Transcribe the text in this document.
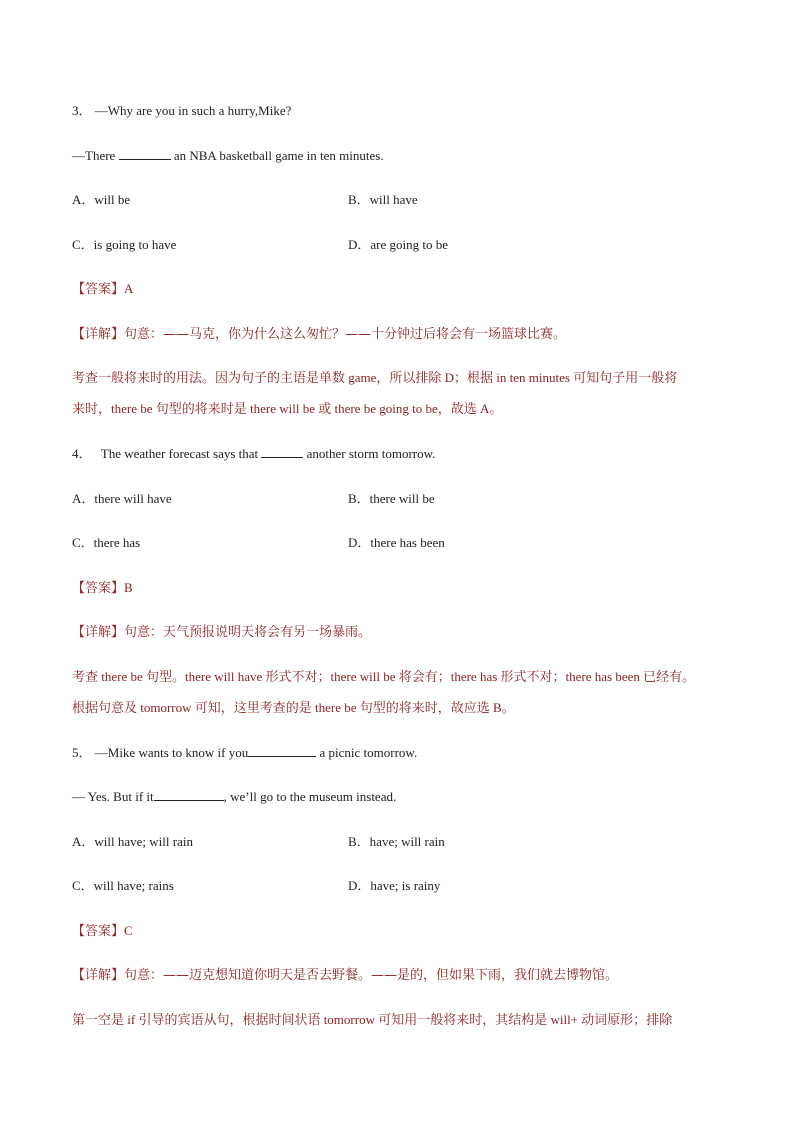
3． —Why are you in such a hurry,Mike?
—There	an NBA basketball game in ten minutes.
A．will be	B．will have
C．is going to have	D．are going to be
【答案】A
【详解】句意：——马克，你为什么这么匆忙？——十分钟过后将会有一场篮球比赛。
考查一般将来时的用法。因为句子的主语是单数 game，所以排除 D；根据 in ten minutes 可知句子用一般将
来时，there be 句型的将来时是 there will be 或 there be going to be，故选 A。
4． The weather forecast says that	another storm tomorrow.
A．there will have	B．there will be
C．there has	D．there has been
【答案】B
【详解】句意：天气预报说明天将会有另一场暴雨。
考查 there be 句型。there will have 形式不对；there will be 将会有；there has 形式不对；there has been 已经有。
根据句意及 tomorrow 可知，这里考查的是 there be 句型的将来时，故应选 B。
5． —Mike wants to know if you	a picnic tomorrow.
— Yes. But if it	, we’ll go to the museum instead.
A．will have; will rain	B．have; will rain
C．will have; rains	D．have; is rainy
【答案】C
【详解】句意：——迈克想知道你明天是否去野餐。——是的，但如果下雨，我们就去博物馆。
第一空是 if 引导的宾语从句，根据时间状语 tomorrow 可知用一般将来时，其结构是 will+ 动词原形；排除
